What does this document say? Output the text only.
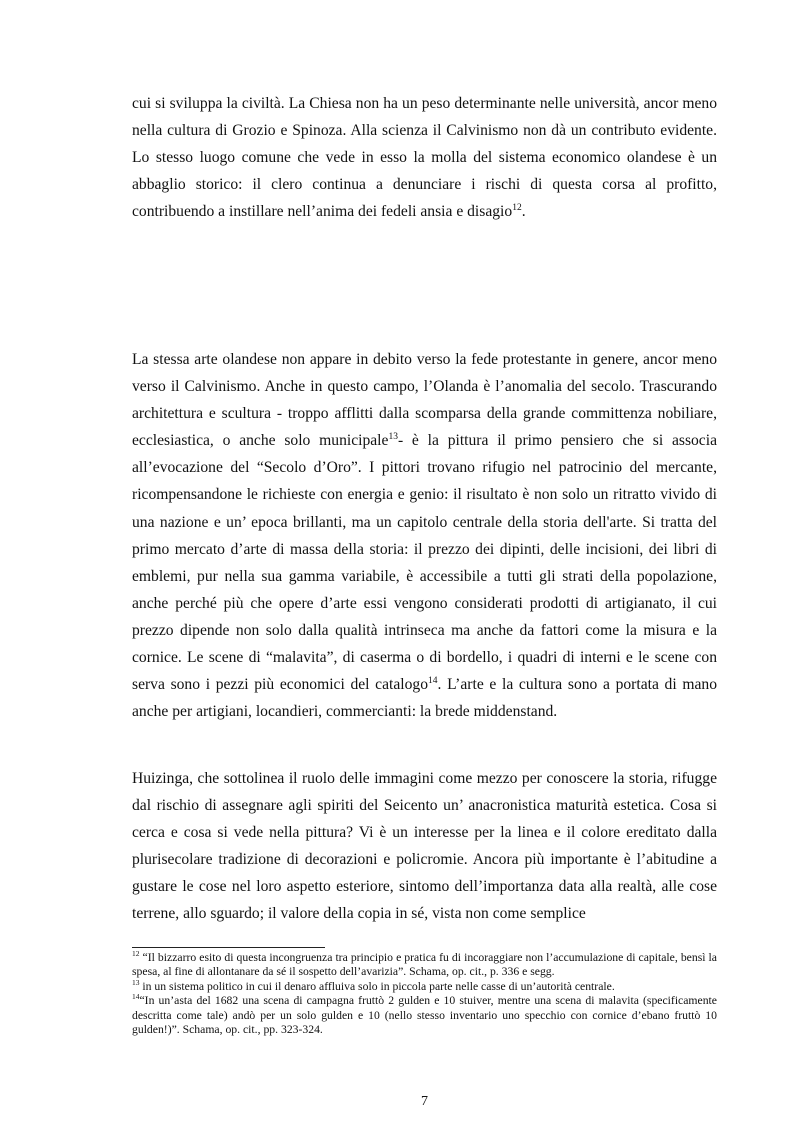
cui si sviluppa la civiltà. La Chiesa non ha un peso determinante nelle università, ancor meno nella cultura di Grozio e Spinoza. Alla scienza il Calvinismo non dà un contributo evidente. Lo stesso luogo comune che vede in esso la molla del sistema economico olandese è un abbaglio storico: il clero continua a denunciare i rischi di questa corsa al profitto, contribuendo a instillare nell’anima dei fedeli ansia e disagio$^{12}$.

La stessa arte olandese non appare in debito verso la fede protestante in genere, ancor meno verso il Calvinismo. Anche in questo campo, l’Olanda è l’anomalia del secolo. Trascurando architettura e scultura - troppo afflitti dalla scomparsa della grande committenza nobiliare, ecclesiastica, o anche solo municipale$^{13}$- è la pittura il primo pensiero che si associa all’evocazione del “Secolo d’Oro”. I pittori trovano rifugio nel patrocinio del mercante, ricompensandone le richieste con energia e genio: il risultato è non solo un ritratto vivido di una nazione e un’ epoca brillanti, ma un capitolo centrale della storia dell'arte. Si tratta del primo mercato d’arte di massa della storia: il prezzo dei dipinti, delle incisioni, dei libri di emblemi, pur nella sua gamma variabile, è accessibile a tutti gli strati della popolazione, anche perché più che opere d’arte essi vengono considerati prodotti di artigianato, il cui prezzo dipende non solo dalla qualità intrinseca ma anche da fattori come la misura e la cornice. Le scene di “malavita”, di caserma o di bordello, i quadri di interni e le scene con serva sono i pezzi più economici del catalogo$^{14}$. L’arte e la cultura sono a portata di mano anche per artigiani, locandieri, commercianti: la brede middenstand.

Huizinga, che sottolinea il ruolo delle immagini come mezzo per conoscere la storia, rifugge dal rischio di assegnare agli spiriti del Seicento un’ anacronistica maturità estetica. Cosa si cerca e cosa si vede nella pittura? Vi è un interesse per la linea e il colore ereditato dalla plurisecolare tradizione di decorazioni e policromie. Ancora più importante è l’abitudine a gustare le cose nel loro aspetto esteriore, sintomo dell’importanza data alla realtà, alle cose terrene, allo sguardo; il valore della copia in sé, vista non come semplice

$^{12}$ “Il bizzarro esito di questa incongruenza tra principio e pratica fu di incoraggiare non l’accumulazione di capitale, bensì la spesa, al fine di allontanare da sé il sospetto dell’avarizia”. Schama, op. cit., p. 336 e segg.

$^{13}$ in un sistema politico in cui il denaro affluiva solo in piccola parte nelle casse di un’autorità centrale.

$^{14}$“In un’asta del 1682 una scena di campagna fruttò 2 gulden e 10 stuiver, mentre una scena di malavita (specificamente descritta come tale) andò per un solo gulden e 10 (nello stesso inventario uno specchio con cornice d’ebano fruttò 10 gulden!)”. Schama, op. cit., pp. 323-324.

7
